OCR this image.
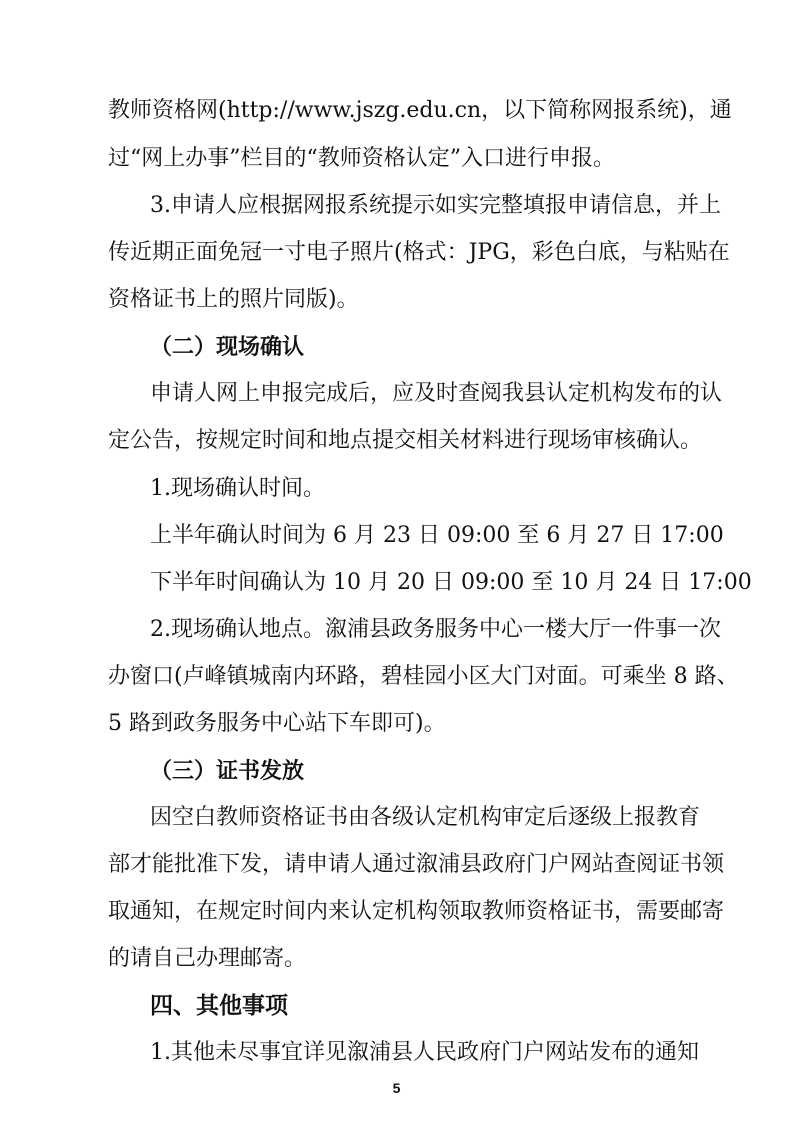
教师资格网(http://www.jszg.edu.cn，以下简称网报系统)，通
过“网上办事”栏目的“教师资格认定”入口进行申报。
3.申请人应根据网报系统提示如实完整填报申请信息，并上
传近期正面免冠一寸电子照片(格式：JPG，彩色白底，与粘贴在
资格证书上的照片同版)。
（二）现场确认
申请人网上申报完成后，应及时查阅我县认定机构发布的认
定公告，按规定时间和地点提交相关材料进行现场审核确认。
1.现场确认时间。
上半年确认时间为 6 月 23 日 09:00 至 6 月 27 日 17:00
下半年时间确认为 10 月 20 日 09:00 至 10 月 24 日 17:00
2.现场确认地点。溆浦县政务服务中心一楼大厅一件事一次
办窗口(卢峰镇城南内环路，碧桂园小区大门对面。可乘坐 8 路、
5 路到政务服务中心站下车即可)。
（三）证书发放
因空白教师资格证书由各级认定机构审定后逐级上报教育
部才能批准下发，请申请人通过溆浦县政府门户网站查阅证书领
取通知，在规定时间内来认定机构领取教师资格证书，需要邮寄
的请自己办理邮寄。
四、其他事项
1.其他未尽事宜详见溆浦县人民政府门户网站发布的通知
5
